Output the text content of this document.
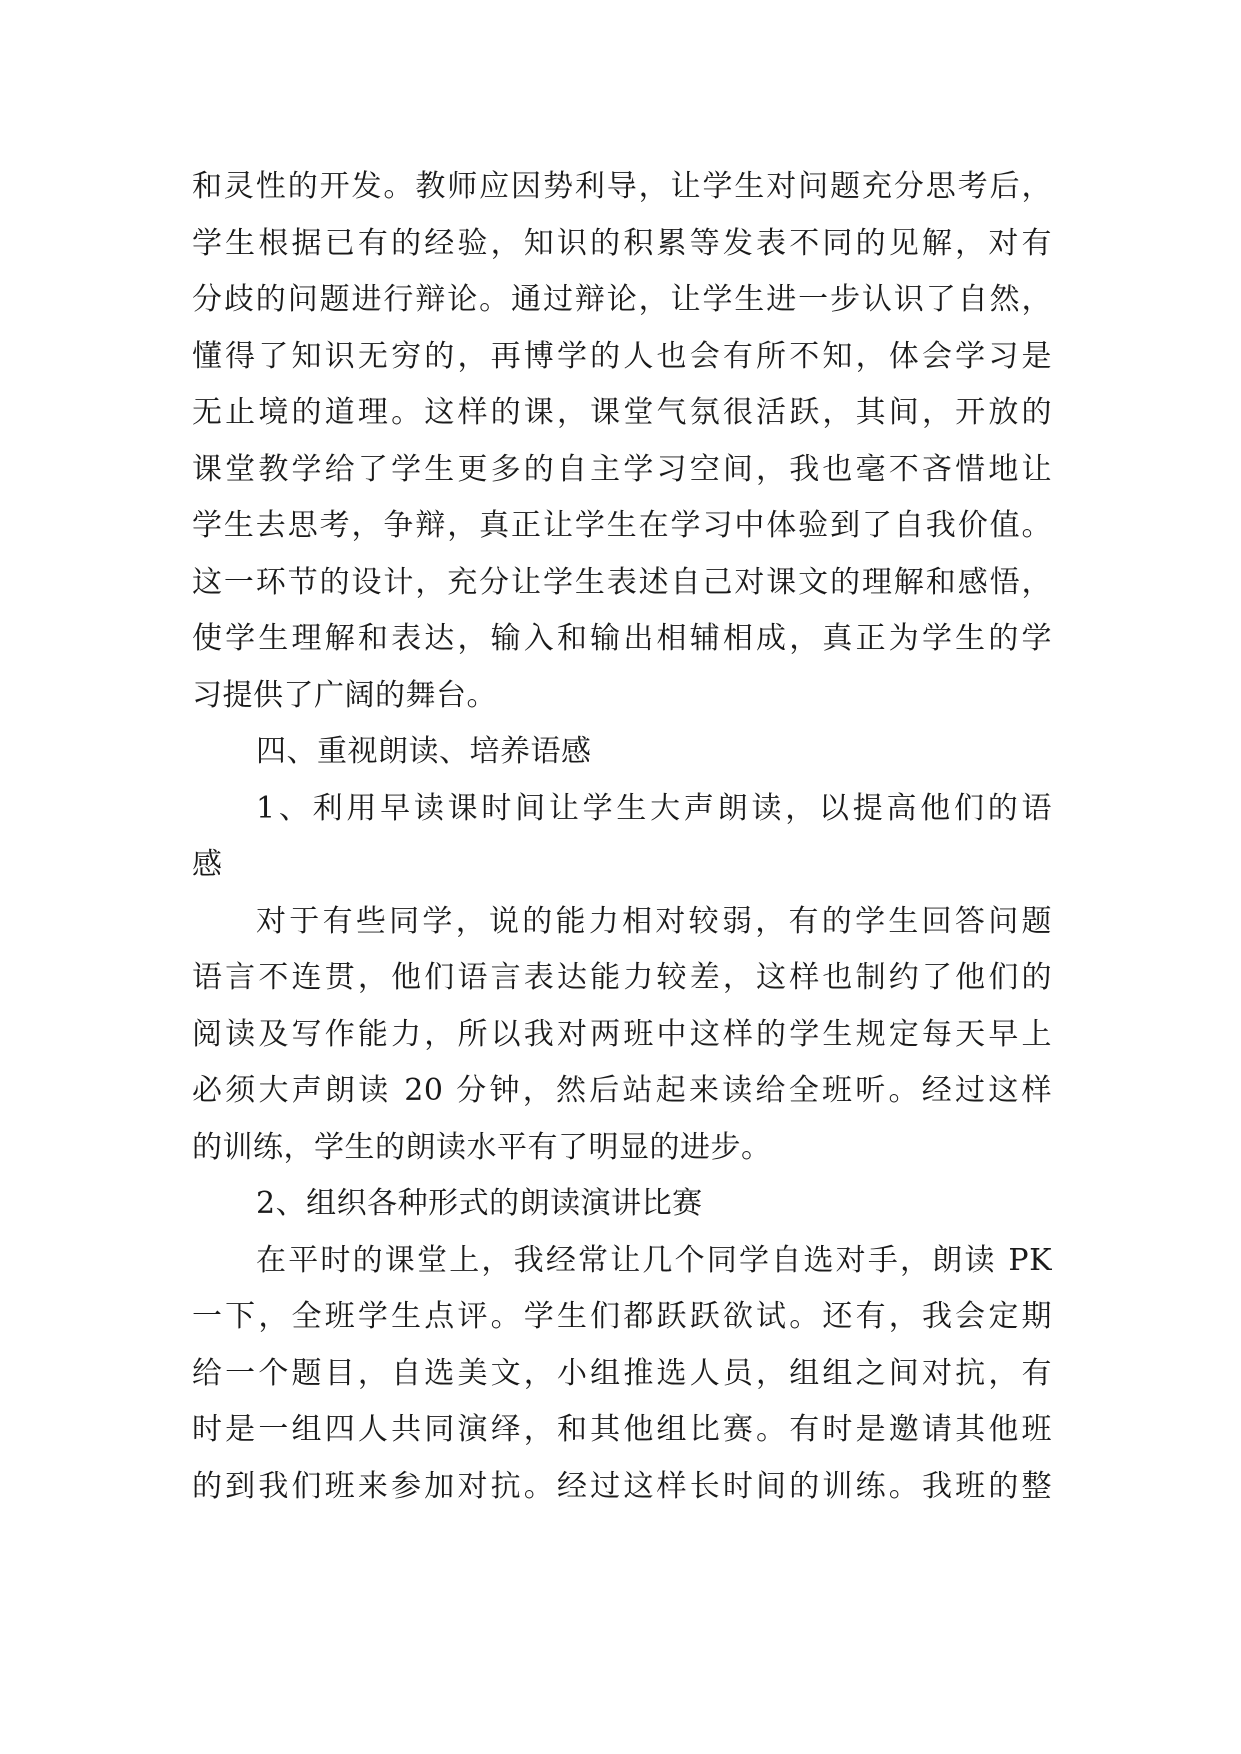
和灵性的开发。教师应因势利导，让学生对问题充分思考后，
学生根据已有的经验，知识的积累等发表不同的见解，对有
分歧的问题进行辩论。通过辩论，让学生进一步认识了自然，
懂得了知识无穷的，再博学的人也会有所不知，体会学习是
无止境的道理。这样的课，课堂气氛很活跃，其间，开放的
课堂教学给了学生更多的自主学习空间，我也毫不吝惜地让
学生去思考，争辩，真正让学生在学习中体验到了自我价值。
这一环节的设计，充分让学生表述自己对课文的理解和感悟，
使学生理解和表达，输入和输出相辅相成，真正为学生的学
习提供了广阔的舞台。
四、重视朗读、培养语感
1、利用早读课时间让学生大声朗读，以提高他们的语
感
对于有些同学，说的能力相对较弱，有的学生回答问题
语言不连贯，他们语言表达能力较差，这样也制约了他们的
阅读及写作能力，所以我对两班中这样的学生规定每天早上
必须大声朗读 20 分钟，然后站起来读给全班听。经过这样
的训练，学生的朗读水平有了明显的进步。
2、组织各种形式的朗读演讲比赛
在平时的课堂上，我经常让几个同学自选对手，朗读 PK
一下，全班学生点评。学生们都跃跃欲试。还有，我会定期
给一个题目，自选美文，小组推选人员，组组之间对抗，有
时是一组四人共同演绎，和其他组比赛。有时是邀请其他班
的到我们班来参加对抗。经过这样长时间的训练。我班的整
